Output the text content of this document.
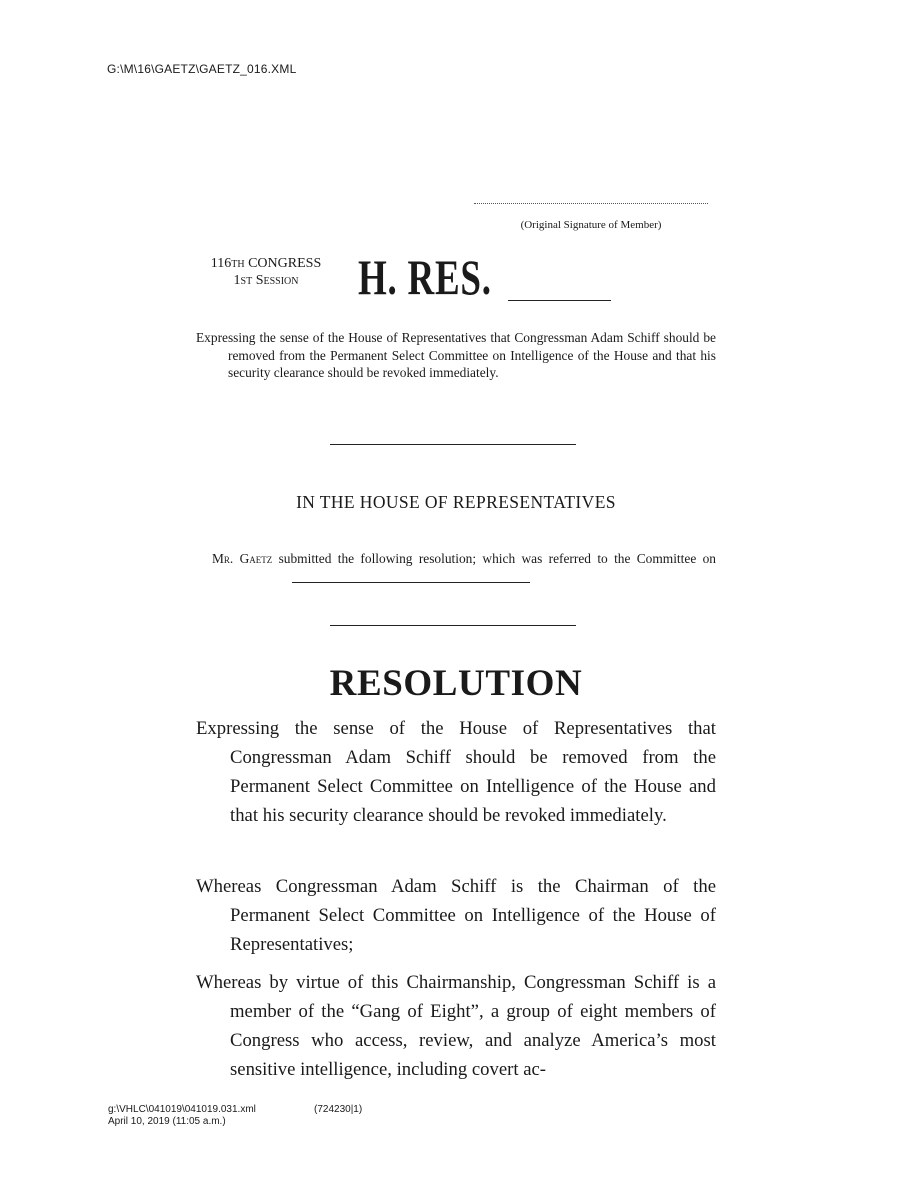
G:\M\16\GAETZ\GAETZ_016.XML
(Original Signature of Member)
116th CONGRESS
1st Session	H. RES.
Expressing the sense of the House of Representatives that Congressman Adam Schiff should be removed from the Permanent Select Committee on Intelligence of the House and that his security clearance should be revoked immediately.
IN THE HOUSE OF REPRESENTATIVES
Mr. Gaetz submitted the following resolution; which was referred to the Committee on
RESOLUTION
Expressing the sense of the House of Representatives that Congressman Adam Schiff should be removed from the Permanent Select Committee on Intelligence of the House and that his security clearance should be revoked immediately.
Whereas Congressman Adam Schiff is the Chairman of the Permanent Select Committee on Intelligence of the House of Representatives;
Whereas by virtue of this Chairmanship, Congressman Schiff is a member of the “Gang of Eight”, a group of eight members of Congress who access, review, and analyze America’s most sensitive intelligence, including covert ac-
g:\VHLC\041019\041019.031.xml
April 10, 2019 (11:05 a.m.)
(724230|1)
